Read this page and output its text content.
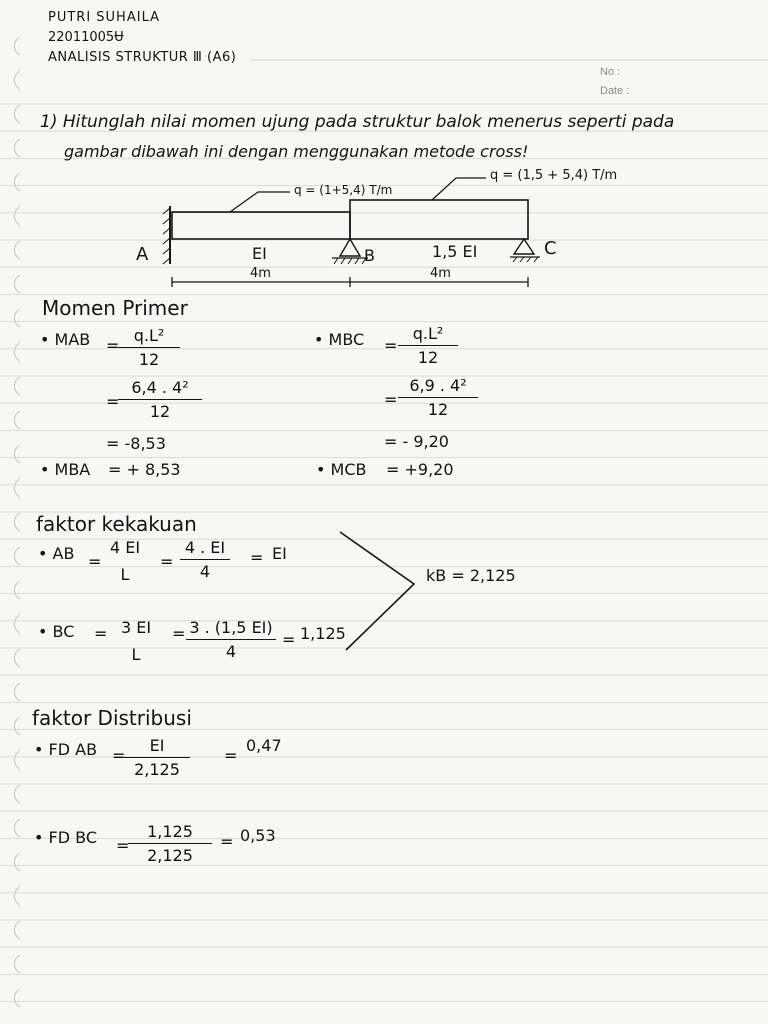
PUTRI SUHAILA
22011005Ʉ
ANALISIS STRUKTUR Ⅲ (A6)
No :
Date :
1) Hitunglah nilai momen ujung pada struktur balok menerus seperti pada
gambar dibawah ini dengan menggunakan metode cross!
q = (1+5,4) T/m
q = (1,5 + 5,4) T/m
A	B	C
EI	1,5 EI
4m	4m
Momen Primer
• MAB =
q.L²
12
=
6,4 . 4²
12
= -8,53
• MBA = + 8,53
• MBC =
q.L²
12
=
6,9 . 4²
12
= - 9,20
• MCB = +9,20
faktor kekakuan
• AB =
4 EI
L
=
4 . EI
4
= EI
• BC = 3 EI
L
= 3 . (1,5 EI)
4
= 1,125
kB = 2,125
faktor Distribusi
• FD AB =
EI
2,125
=
0,47
• FD BC =
1,125
2,125
= 0,53
